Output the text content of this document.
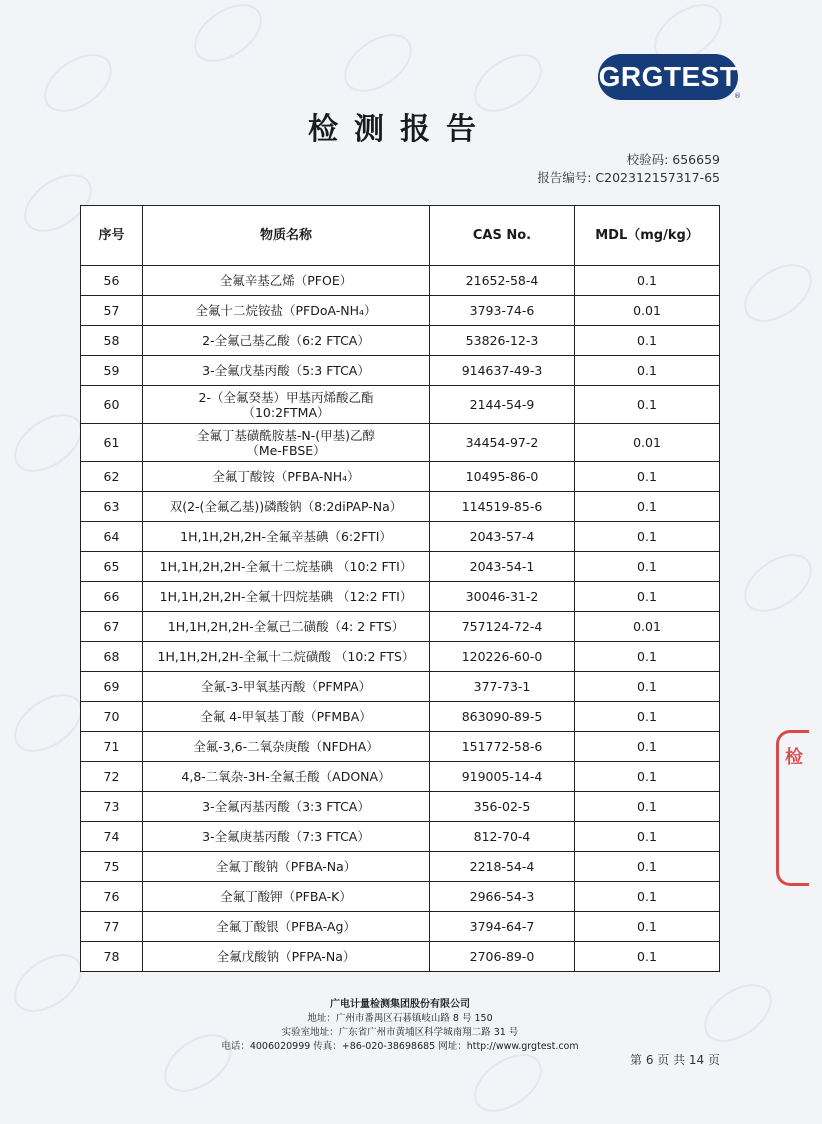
GRGTEST
®
检测报告
校验码: 656659
报告编号: C202312157317-65
序号	物质名称	CAS No.	MDL（mg/kg）
56	全氟辛基乙烯（PFOE）	21652-58-4	0.1
57	全氟十二烷铵盐（PFDoA-NH₄）	3793-74-6	0.01
58	2-全氟己基乙酸（6:2 FTCA）	53826-12-3	0.1
59	3-全氟戊基丙酸（5:3 FTCA）	914637-49-3	0.1
60	2-（全氟癸基）甲基丙烯酸乙酯
（10:2FTMA）	2144-54-9	0.1
61	全氟丁基磺酰胺基-N-(甲基)乙醇
（Me-FBSE）	34454-97-2	0.01
62	全氟丁酸铵（PFBA-NH₄）	10495-86-0	0.1
63	双(2-(全氟乙基))磷酸钠（8:2diPAP-Na）	114519-85-6	0.1
64	1H,1H,2H,2H-全氟辛基碘（6:2FTI）	2043-57-4	0.1
65	1H,1H,2H,2H-全氟十二烷基碘 （10:2 FTI）	2043-54-1	0.1
66	1H,1H,2H,2H-全氟十四烷基碘 （12:2 FTI）	30046-31-2	0.1
67	1H,1H,2H,2H-全氟己二磺酸（4: 2 FTS）	757124-72-4	0.01
68	1H,1H,2H,2H-全氟十二烷磺酸 （10:2 FTS）	120226-60-0	0.1
69	全氟-3-甲氧基丙酸（PFMPA）	377-73-1	0.1
70	全氟 4-甲氧基丁酸（PFMBA）	863090-89-5	0.1
71	全氟-3,6-二氧杂庚酸（NFDHA）	151772-58-6	0.1
72	4,8-二氧杂-3H-全氟壬酸（ADONA）	919005-14-4	0.1
73	3-全氟丙基丙酸（3:3 FTCA）	356-02-5	0.1
74	3-全氟庚基丙酸（7:3 FTCA）	812-70-4	0.1
75	全氟丁酸钠（PFBA-Na）	2218-54-4	0.1
76	全氟丁酸钾（PFBA-K）	2966-54-3	0.1
77	全氟丁酸银（PFBA-Ag）	3794-64-7	0.1
78	全氟戊酸钠（PFPA-Na）	2706-89-0	0.1
检
广电计量检测集团股份有限公司
地址：广州市番禺区石碁镇岐山路 8 号 150
实验室地址：广东省广州市黄埔区科学城南翔二路 31 号
电话：4006020999 传真：+86-020-38698685 网址：http://www.grgtest.com
第 6 页 共 14 页
